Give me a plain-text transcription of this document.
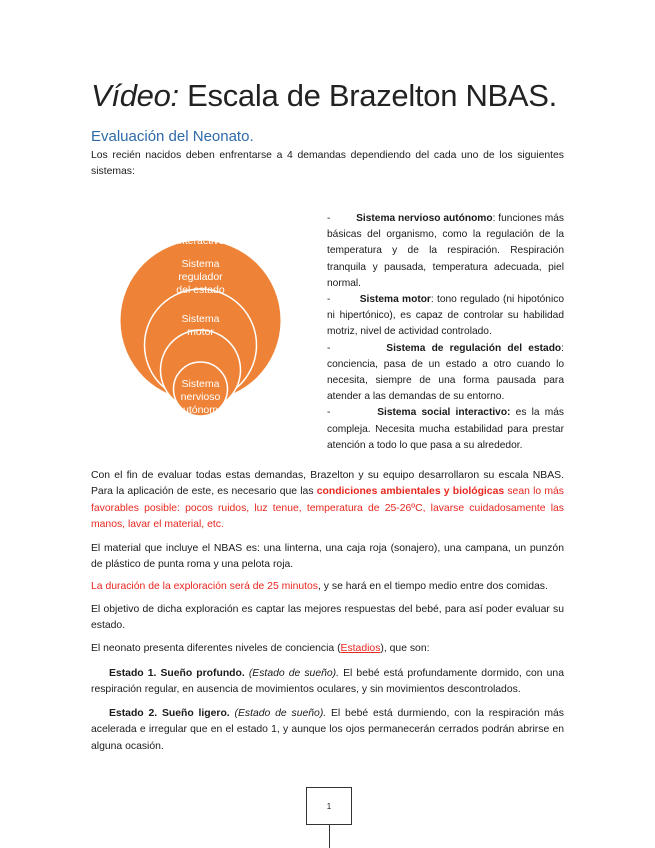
Vídeo: Escala de Brazelton NBAS.
Evaluación del Neonato.
Los recién nacidos deben enfrentarse a 4 demandas dependiendo del cada uno de los siguientes sistemas:
Sistema
social
interactivo
Sistema
regulador
del estado
Sistema
motor
Sistema
nervioso
autónomo

-	Sistema nervioso autónomo: funciones más básicas del organismo, como la regulación de la temperatura y de la respiración. Respiración tranquila y pausada, temperatura adecuada, piel normal.

-	Sistema motor: tono regulado (ni hipotónico ni hipertónico), es capaz de controlar su habilidad motriz, nivel de actividad controlado.

-	Sistema de regulación del estado: conciencia, pasa de un estado a otro cuando lo necesita, siempre de una forma pausada para atender a las demandas de su entorno.

-	Sistema social interactivo: es la más compleja. Necesita mucha estabilidad para prestar atención a todo lo que pasa a su alrededor.

Con el fin de evaluar todas estas demandas, Brazelton y su equipo desarrollaron su escala NBAS. Para la aplicación de este, es necesario que las condiciones ambientales y biológicas sean lo más favorables posible: pocos ruidos, luz tenue, temperatura de 25-26ºC, lavarse cuidadosamente las manos, lavar el material, etc.
El material que incluye el NBAS es: una linterna, una caja roja (sonajero), una campana, un punzón de plástico de punta roma y una pelota roja.
La duración de la exploración será de 25 minutos, y se hará en el tiempo medio entre dos comidas.
El objetivo de dicha exploración es captar las mejores respuestas del bebé, para así poder evaluar su estado.
El neonato presenta diferentes niveles de conciencia (Estadios), que son:
Estado 1. Sueño profundo. (Estado de sueño). El bebé está profundamente dormido, con una respiración regular, en ausencia de movimientos oculares, y sin movimientos descontrolados.
Estado 2. Sueño ligero. (Estado de sueño). El bebé está durmiendo, con la respiración más acelerada e irregular que en el estado 1, y aunque los ojos permanecerán cerrados podrán abrirse en alguna ocasión.
1
